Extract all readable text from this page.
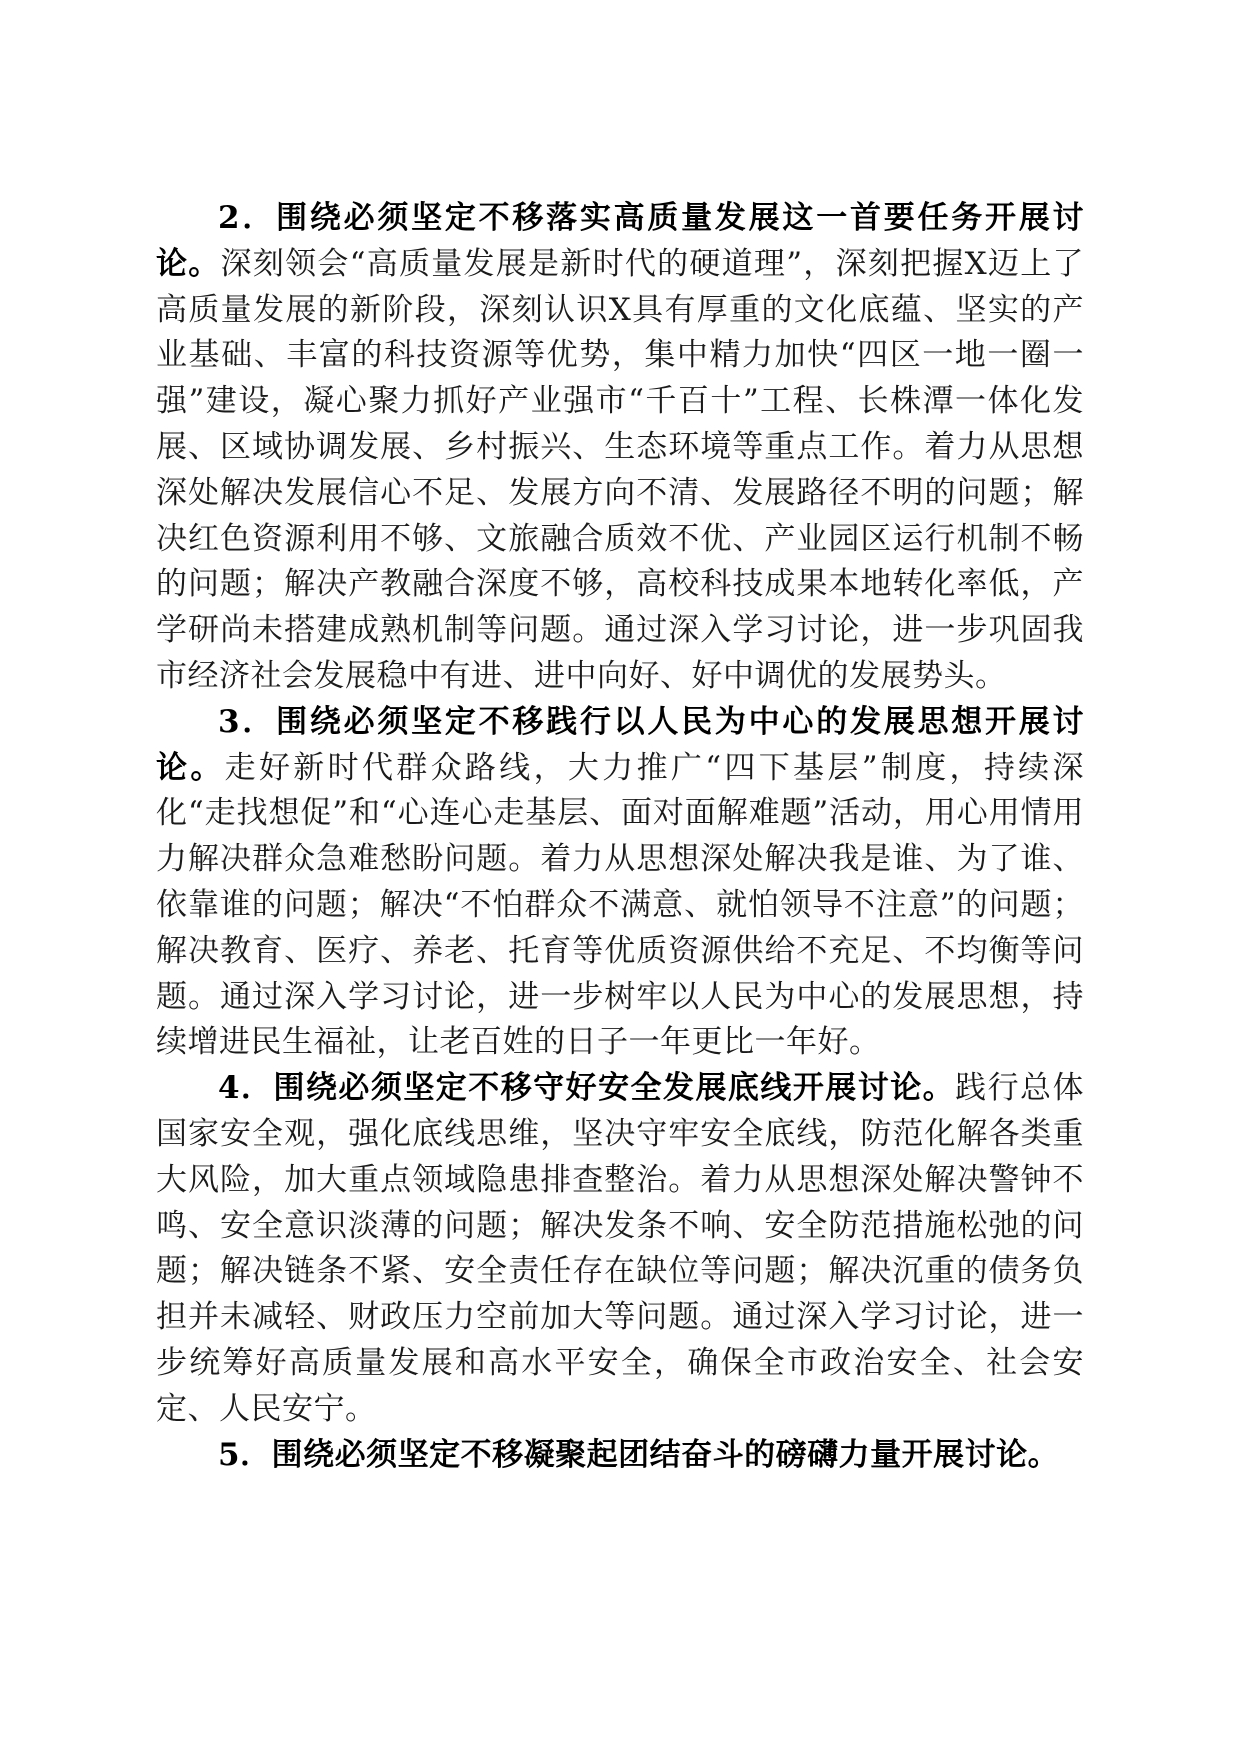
2．围绕必须坚定不移落实高质量发展这一首要任务开展讨论。深刻领会“高质量发展是新时代的硬道理”，深刻把握X迈上了高质量发展的新阶段，深刻认识X具有厚重的文化底蕴、坚实的产业基础、丰富的科技资源等优势，集中精力加快“四区一地一圈一强”建设，凝心聚力抓好产业强市“千百十”工程、长株潭一体化发展、区域协调发展、乡村振兴、生态环境等重点工作。着力从思想深处解决发展信心不足、发展方向不清、发展路径不明的问题；解决红色资源利用不够、文旅融合质效不优、产业园区运行机制不畅的问题；解决产教融合深度不够，高校科技成果本地转化率低，产学研尚未搭建成熟机制等问题。通过深入学习讨论，进一步巩固我市经济社会发展稳中有进、进中向好、好中调优的发展势头。

3．围绕必须坚定不移践行以人民为中心的发展思想开展讨论。走好新时代群众路线，大力推广“四下基层”制度，持续深化“走找想促”和“心连心走基层、面对面解难题”活动，用心用情用力解决群众急难愁盼问题。着力从思想深处解决我是谁、为了谁、依靠谁的问题；解决“不怕群众不满意、就怕领导不注意”的问题；解决教育、医疗、养老、托育等优质资源供给不充足、不均衡等问题。通过深入学习讨论，进一步树牢以人民为中心的发展思想，持续增进民生福祉，让老百姓的日子一年更比一年好。

4．围绕必须坚定不移守好安全发展底线开展讨论。践行总体国家安全观，强化底线思维，坚决守牢安全底线，防范化解各类重大风险，加大重点领域隐患排查整治。着力从思想深处解决警钟不鸣、安全意识淡薄的问题；解决发条不响、安全防范措施松弛的问题；解决链条不紧、安全责任存在缺位等问题；解决沉重的债务负担并未减轻、财政压力空前加大等问题。通过深入学习讨论，进一步统筹好高质量发展和高水平安全，确保全市政治安全、社会安定、人民安宁。

5．围绕必须坚定不移凝聚起团结奋斗的磅礴力量开展讨论。
